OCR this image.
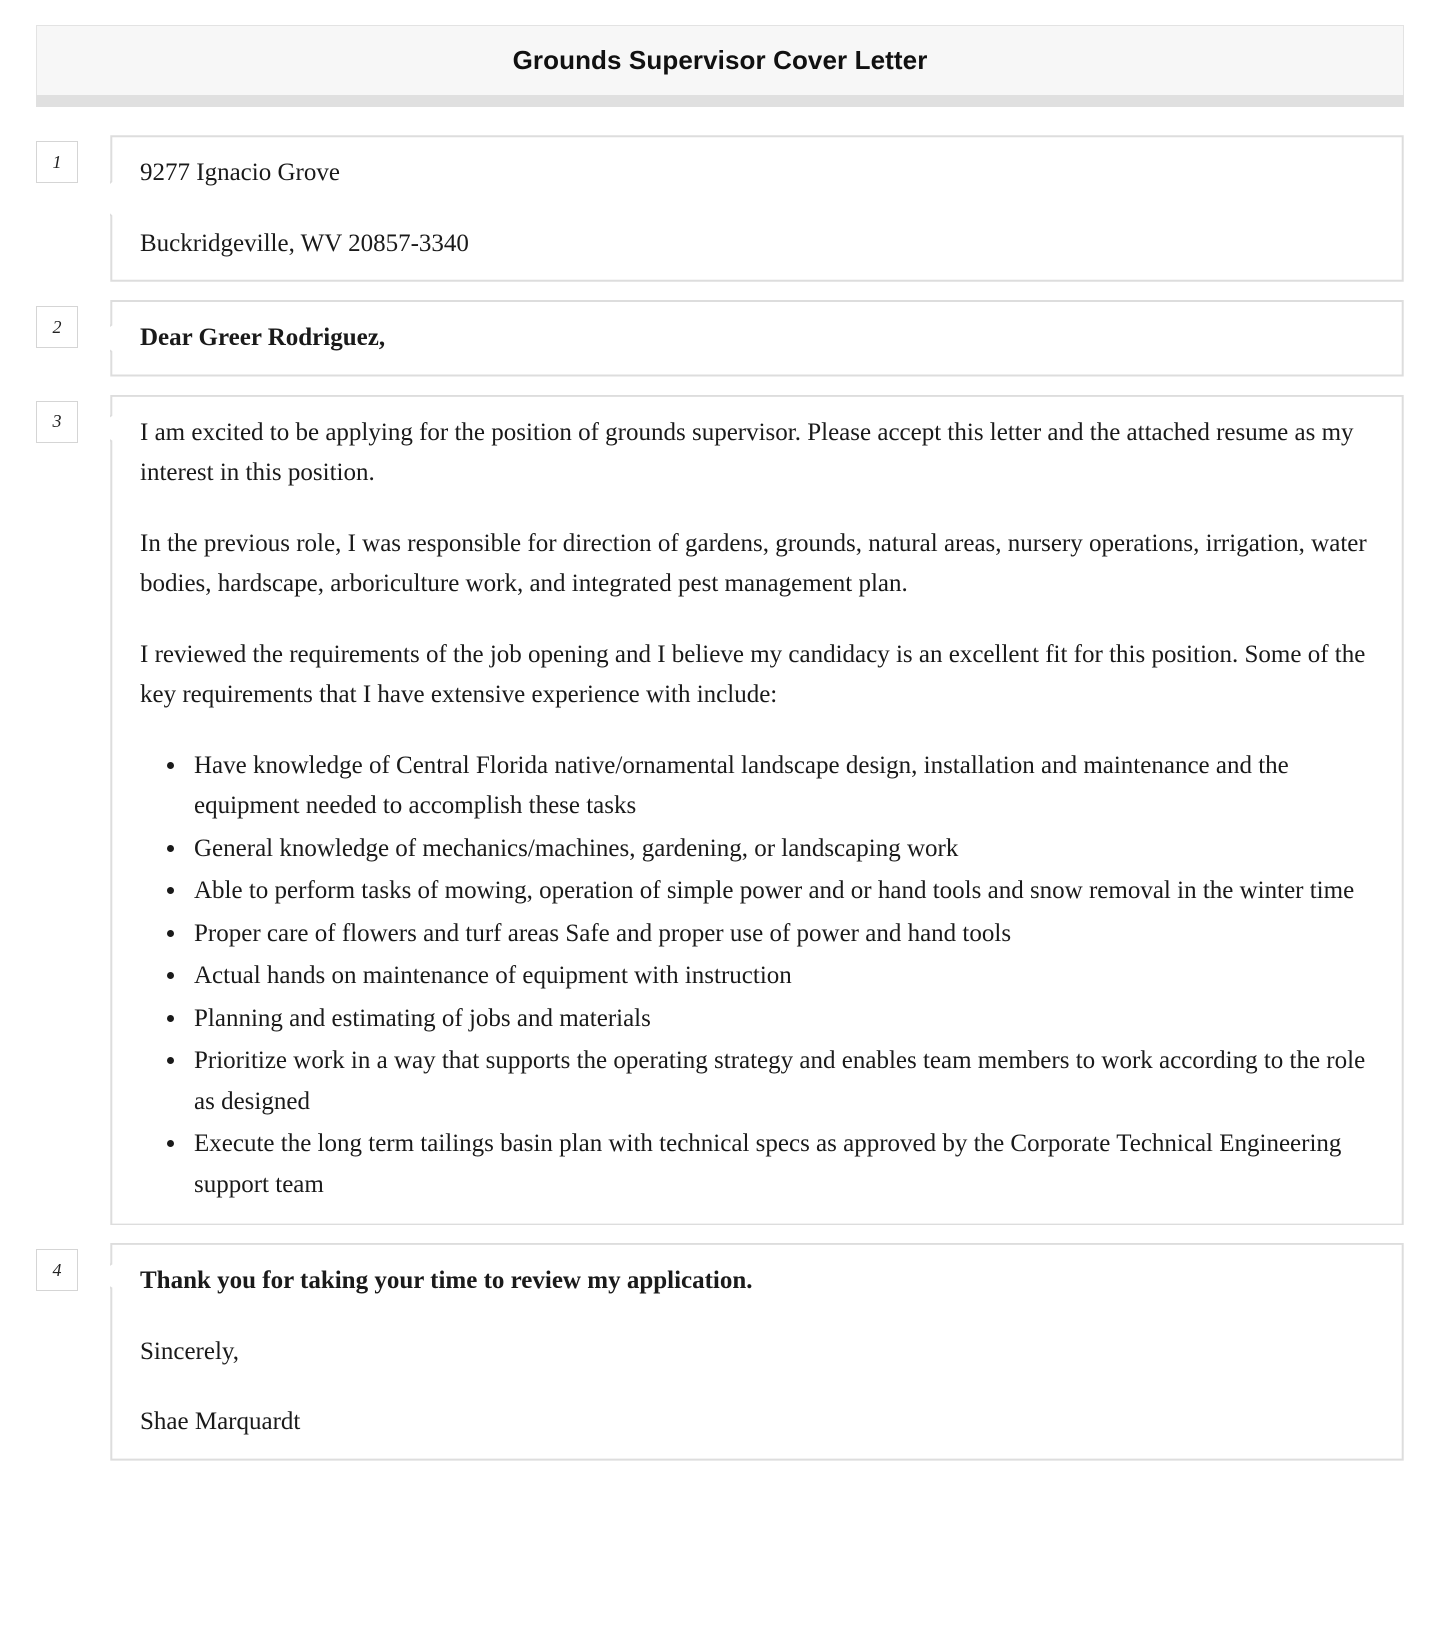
Grounds Supervisor Cover Letter
1	9277 Ignacio Grove

Buckridgeville, WV 20857-3340

2	Dear Greer Rodriguez,

3	I am excited to be applying for the position of grounds supervisor. Please accept this letter and the attached resume as my interest in this position.

In the previous role, I was responsible for direction of gardens, grounds, natural areas, nursery operations, irrigation, water bodies, hardscape, arboriculture work, and integrated pest management plan.

I reviewed the requirements of the job opening and I believe my candidacy is an excellent fit for this position. Some of the key requirements that I have extensive experience with include:

• Have knowledge of Central Florida native/ornamental landscape design, installation and maintenance and the equipment needed to accomplish these tasks
• General knowledge of mechanics/machines, gardening, or landscaping work
• Able to perform tasks of mowing, operation of simple power and or hand tools and snow removal in the winter time
• Proper care of flowers and turf areas Safe and proper use of power and hand tools
• Actual hands on maintenance of equipment with instruction
• Planning and estimating of jobs and materials
• Prioritize work in a way that supports the operating strategy and enables team members to work according to the role as designed
• Execute the long term tailings basin plan with technical specs as approved by the Corporate Technical Engineering support team
4	Thank you for taking your time to review my application.

Sincerely,

Shae Marquardt
